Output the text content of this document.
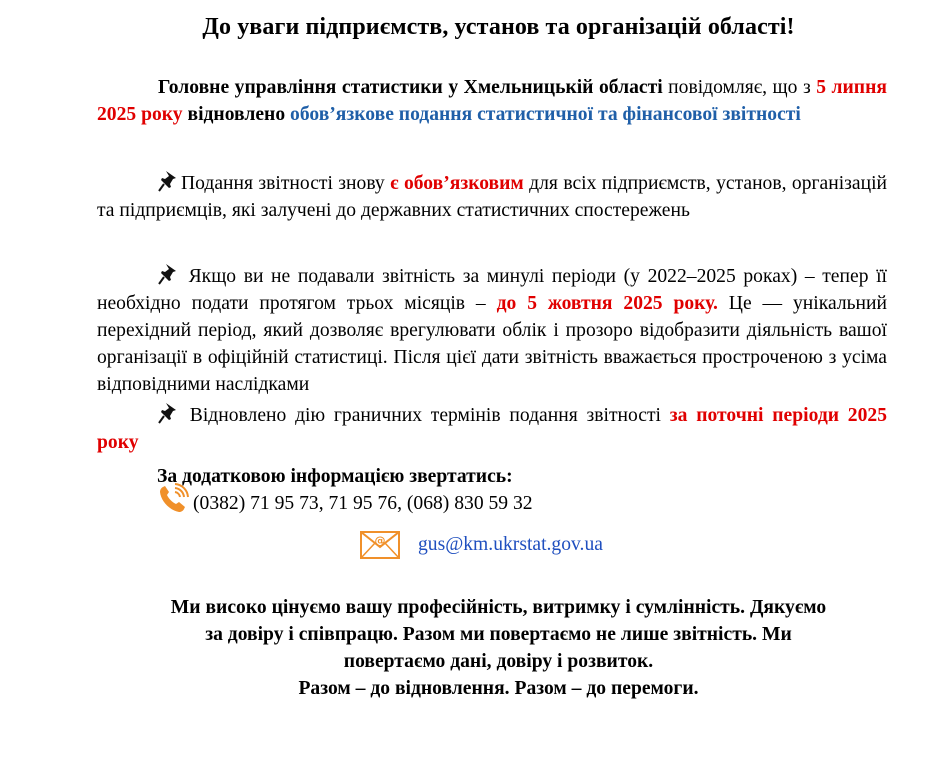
До уваги підприємств, установ та організацій області!
Головне управління статистики у Хмельницькій області повідомляє, що з 5 липня 2025 року відновлено обов’язкове подання статистичної та фінансової звітності
Подання звітності знову є обов’язковим для всіх підприємств, установ, організацій та підприємців, які залучені до державних статистичних спостережень
Якщо ви не подавали звітність за минулі періоди (у 2022–2025 роках) – тепер її необхідно подати протягом трьох місяців – до 5 жовтня 2025 року. Це — унікальний перехідний період, який дозволяє врегулювати облік і прозоро відобразити діяльність вашої організації в офіційній статистиці. Після цієї дати звітність вважається простроченою з усіма відповідними наслідками
Відновлено дію граничних термінів подання звітності за поточні періоди 2025 року
За додатковою інформацією звертатись:
(0382) 71 95 73, 71 95 76, (068) 830 59 32
@ gus@km.ukrstat.gov.ua
Ми високо цінуємо вашу професійність, витримку і сумлінність. Дякуємо
за довіру і співпрацю. Разом ми повертаємо не лише звітність. Ми
повертаємо дані, довіру і розвиток.
Разом – до відновлення. Разом – до перемоги.
